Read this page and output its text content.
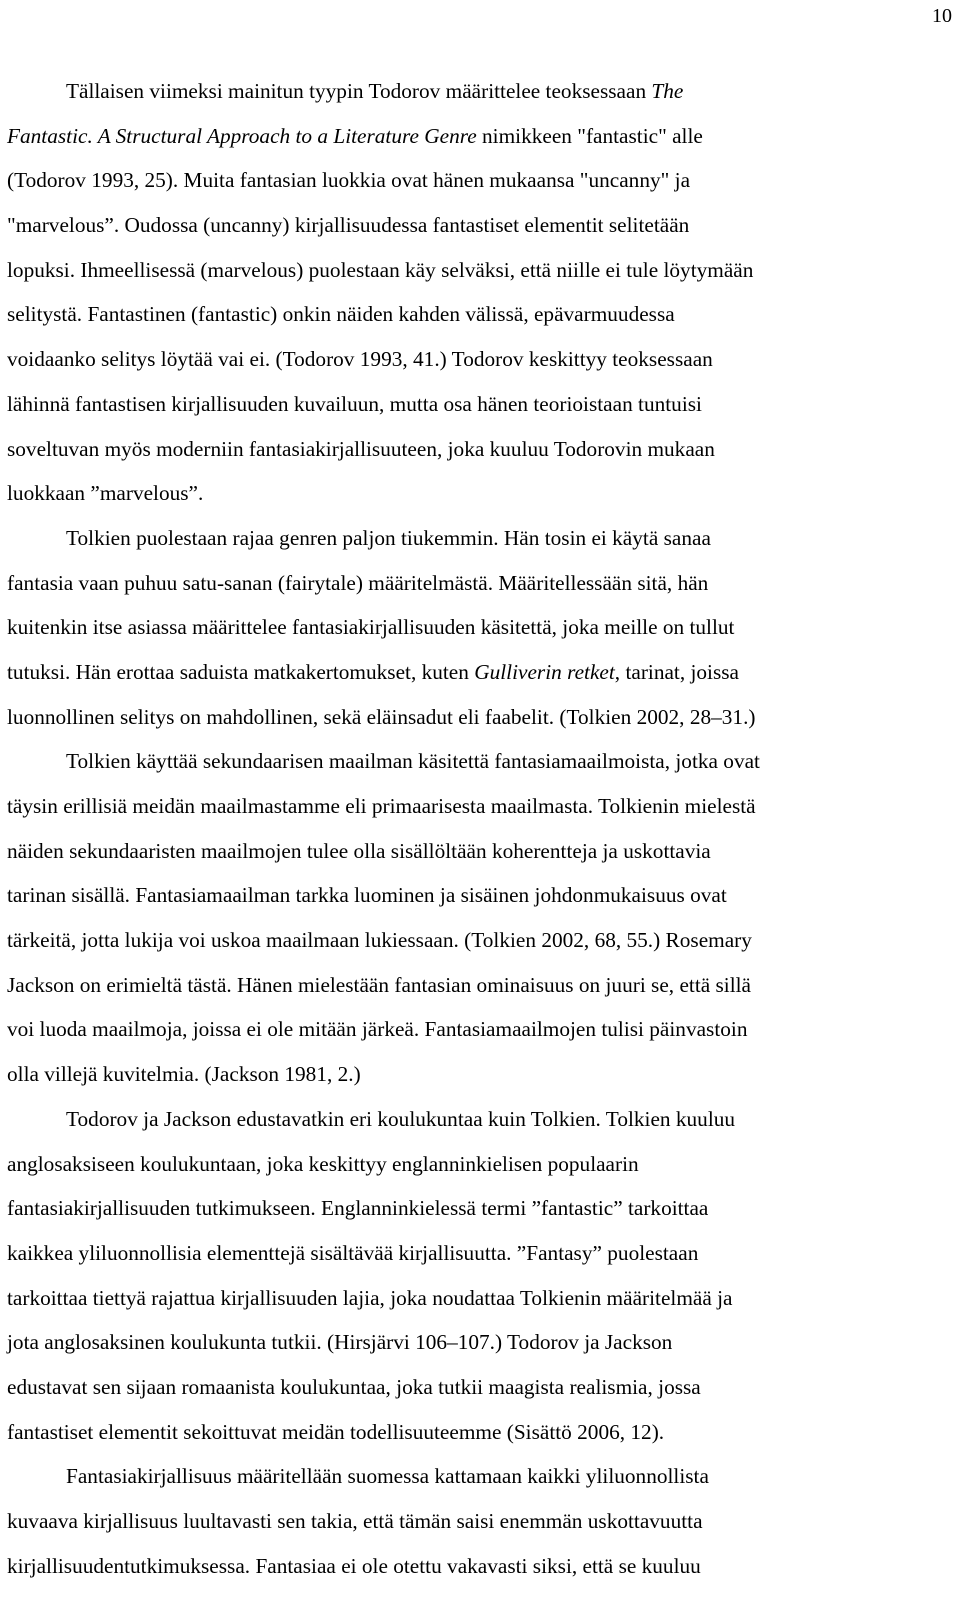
10
Tällaisen viimeksi mainitun tyypin Todorov määrittelee teoksessaan The
Fantastic. A Structural Approach to a Literature Genre nimikkeen "fantastic" alle
(Todorov 1993, 25). Muita fantasian luokkia ovat hänen mukaansa "uncanny" ja
"marvelous”. Oudossa (uncanny) kirjallisuudessa fantastiset elementit selitetään
lopuksi. Ihmeellisessä (marvelous) puolestaan käy selväksi, että niille ei tule löytymään
selitystä. Fantastinen (fantastic) onkin näiden kahden välissä, epävarmuudessa
voidaanko selitys löytää vai ei. (Todorov 1993, 41.) Todorov keskittyy teoksessaan
lähinnä fantastisen kirjallisuuden kuvailuun, mutta osa hänen teorioistaan tuntuisi
soveltuvan myös moderniin fantasiakirjallisuuteen, joka kuuluu Todorovin mukaan
luokkaan ”marvelous”.
Tolkien puolestaan rajaa genren paljon tiukemmin. Hän tosin ei käytä sanaa
fantasia vaan puhuu satu-sanan (fairytale) määritelmästä. Määritellessään sitä, hän
kuitenkin itse asiassa määrittelee fantasiakirjallisuuden käsitettä, joka meille on tullut
tutuksi. Hän erottaa saduista matkakertomukset, kuten Gulliverin retket, tarinat, joissa
luonnollinen selitys on mahdollinen, sekä eläinsadut eli faabelit. (Tolkien 2002, 28–31.)
Tolkien käyttää sekundaarisen maailman käsitettä fantasiamaailmoista, jotka ovat
täysin erillisiä meidän maailmastamme eli primaarisesta maailmasta. Tolkienin mielestä
näiden sekundaaristen maailmojen tulee olla sisällöltään koherentteja ja uskottavia
tarinan sisällä. Fantasiamaailman tarkka luominen ja sisäinen johdonmukaisuus ovat
tärkeitä, jotta lukija voi uskoa maailmaan lukiessaan. (Tolkien 2002, 68, 55.) Rosemary
Jackson on erimieltä tästä. Hänen mielestään fantasian ominaisuus on juuri se, että sillä
voi luoda maailmoja, joissa ei ole mitään järkeä. Fantasiamaailmojen tulisi päinvastoin
olla villejä kuvitelmia. (Jackson 1981, 2.)
Todorov ja Jackson edustavatkin eri koulukuntaa kuin Tolkien. Tolkien kuuluu
anglosaksiseen koulukuntaan, joka keskittyy englanninkielisen populaarin
fantasiakirjallisuuden tutkimukseen. Englanninkielessä termi ”fantastic” tarkoittaa
kaikkea yliluonnollisia elementtejä sisältävää kirjallisuutta. ”Fantasy” puolestaan
tarkoittaa tiettyä rajattua kirjallisuuden lajia, joka noudattaa Tolkienin määritelmää ja
jota anglosaksinen koulukunta tutkii. (Hirsjärvi 106–107.) Todorov ja Jackson
edustavat sen sijaan romaanista koulukuntaa, joka tutkii maagista realismia, jossa
fantastiset elementit sekoittuvat meidän todellisuuteemme (Sisättö 2006, 12).
Fantasiakirjallisuus määritellään suomessa kattamaan kaikki yliluonnollista
kuvaava kirjallisuus luultavasti sen takia, että tämän saisi enemmän uskottavuutta
kirjallisuudentutkimuksessa. Fantasiaa ei ole otettu vakavasti siksi, että se kuuluu
